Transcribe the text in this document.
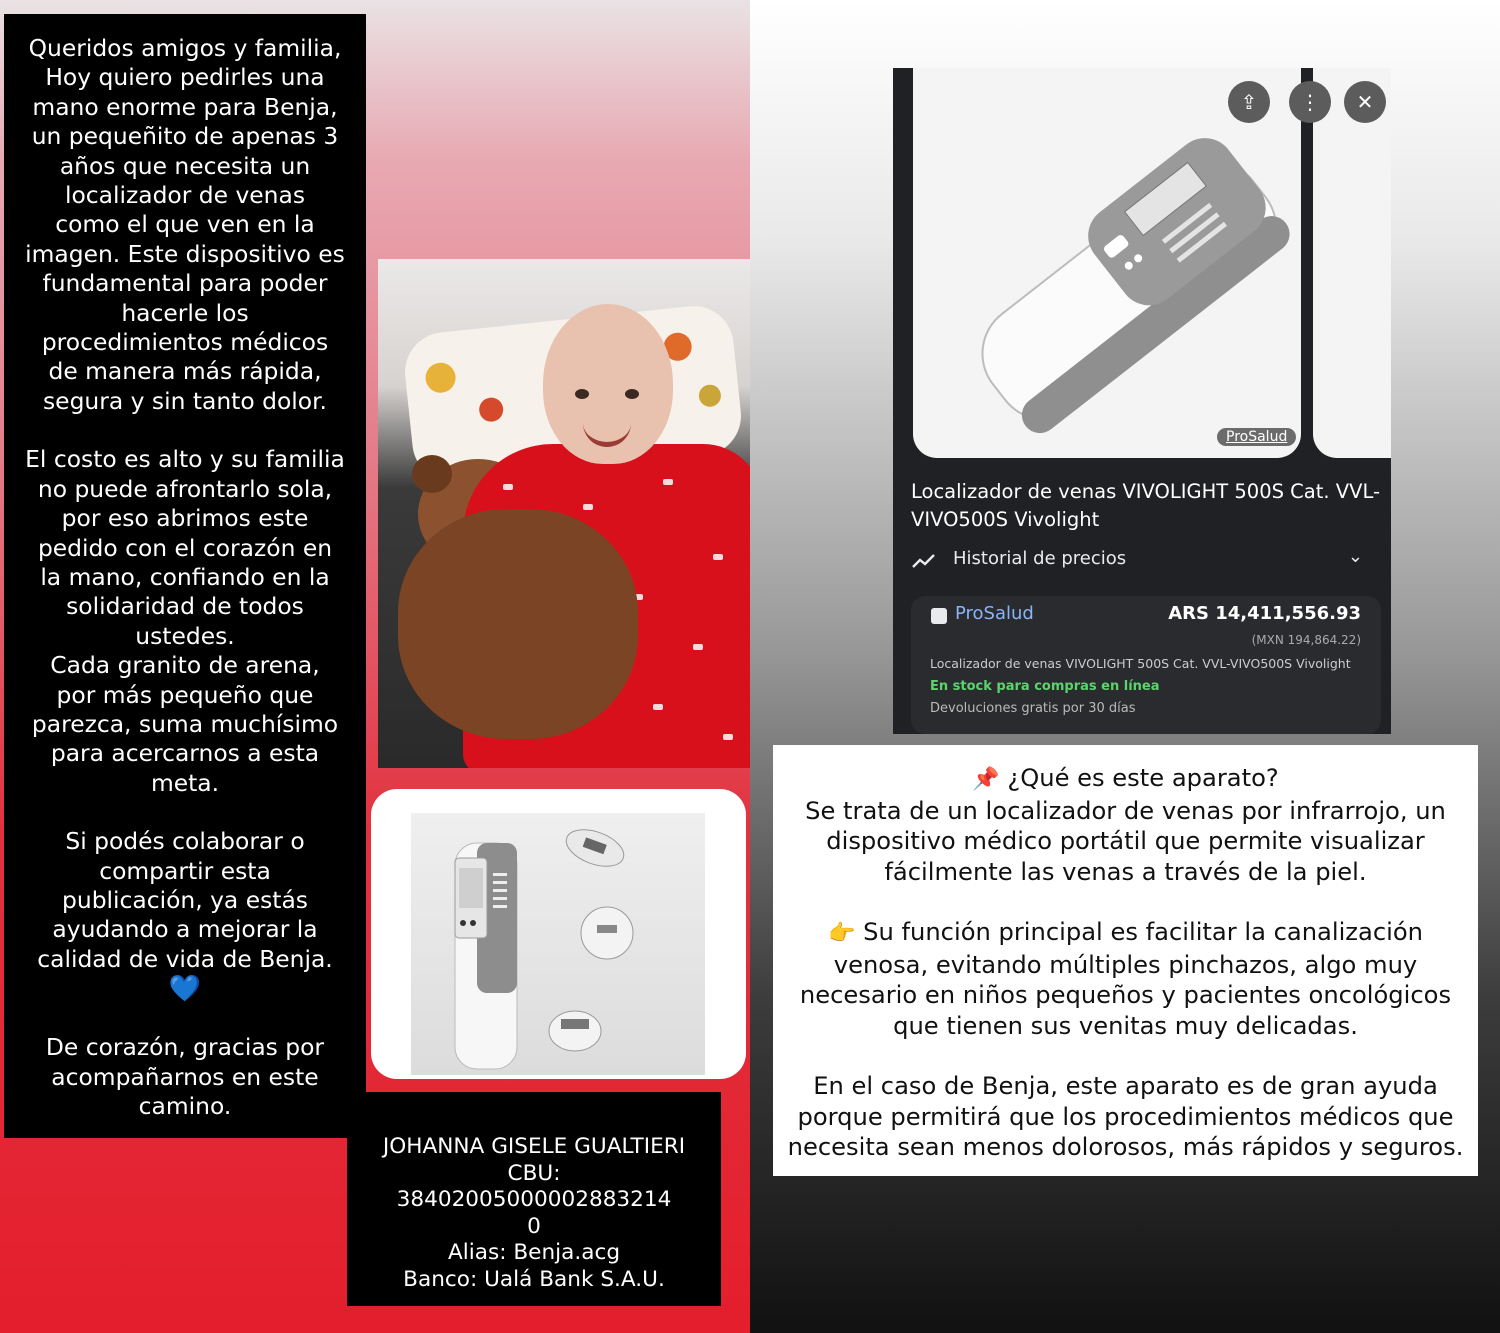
Queridos amigos y familia,
Hoy quiero pedirles una
mano enorme para Benja,
un pequeñito de apenas 3
años que necesita un
localizador de venas
como el que ven en la
imagen. Este dispositivo es
fundamental para poder
hacerle los
procedimientos médicos
de manera más rápida,
segura y sin tanto dolor.

El costo es alto y su familia
no puede afrontarlo sola,
por eso abrimos este
pedido con el corazón en
la mano, confiando en la
solidaridad de todos
ustedes.
Cada granito de arena,
por más pequeño que
parezca, suma muchísimo
para acercarnos a esta
meta.

Si podés colaborar o
compartir esta
publicación, ya estás
ayudando a mejorar la
calidad de vida de Benja.

💙

De corazón, gracias por
acompañarnos en este
camino.

JOHANNA GISELE GUALTIERI
CBU:
38402005000002883214
0
Alias: Benja.acg
Banco: Ualá Bank S.A.U.
⇪
ProSalud
⋮	✕
Localizador de venas VIVOLIGHT 500S Cat. VVL-VIVO500S Vivolight
Historial de precios	⌄
ProSalud	ARS 14,411,556.93
(MXN 194,864.22)
Localizador de venas VIVOLIGHT 500S Cat. VVL-VIVO500S Vivolight
En stock para compras en línea
Devoluciones gratis por 30 días

📌 ¿Qué es este aparato?
Se trata de un localizador de venas por infrarrojo, un
dispositivo médico portátil que permite visualizar
fácilmente las venas a través de la piel.

👉 Su función principal es facilitar la canalización
venosa, evitando múltiples pinchazos, algo muy
necesario en niños pequeños y pacientes oncológicos
que tienen sus venitas muy delicadas.

En el caso de Benja, este aparato es de gran ayuda
porque permitirá que los procedimientos médicos que
necesita sean menos dolorosos, más rápidos y seguros.
